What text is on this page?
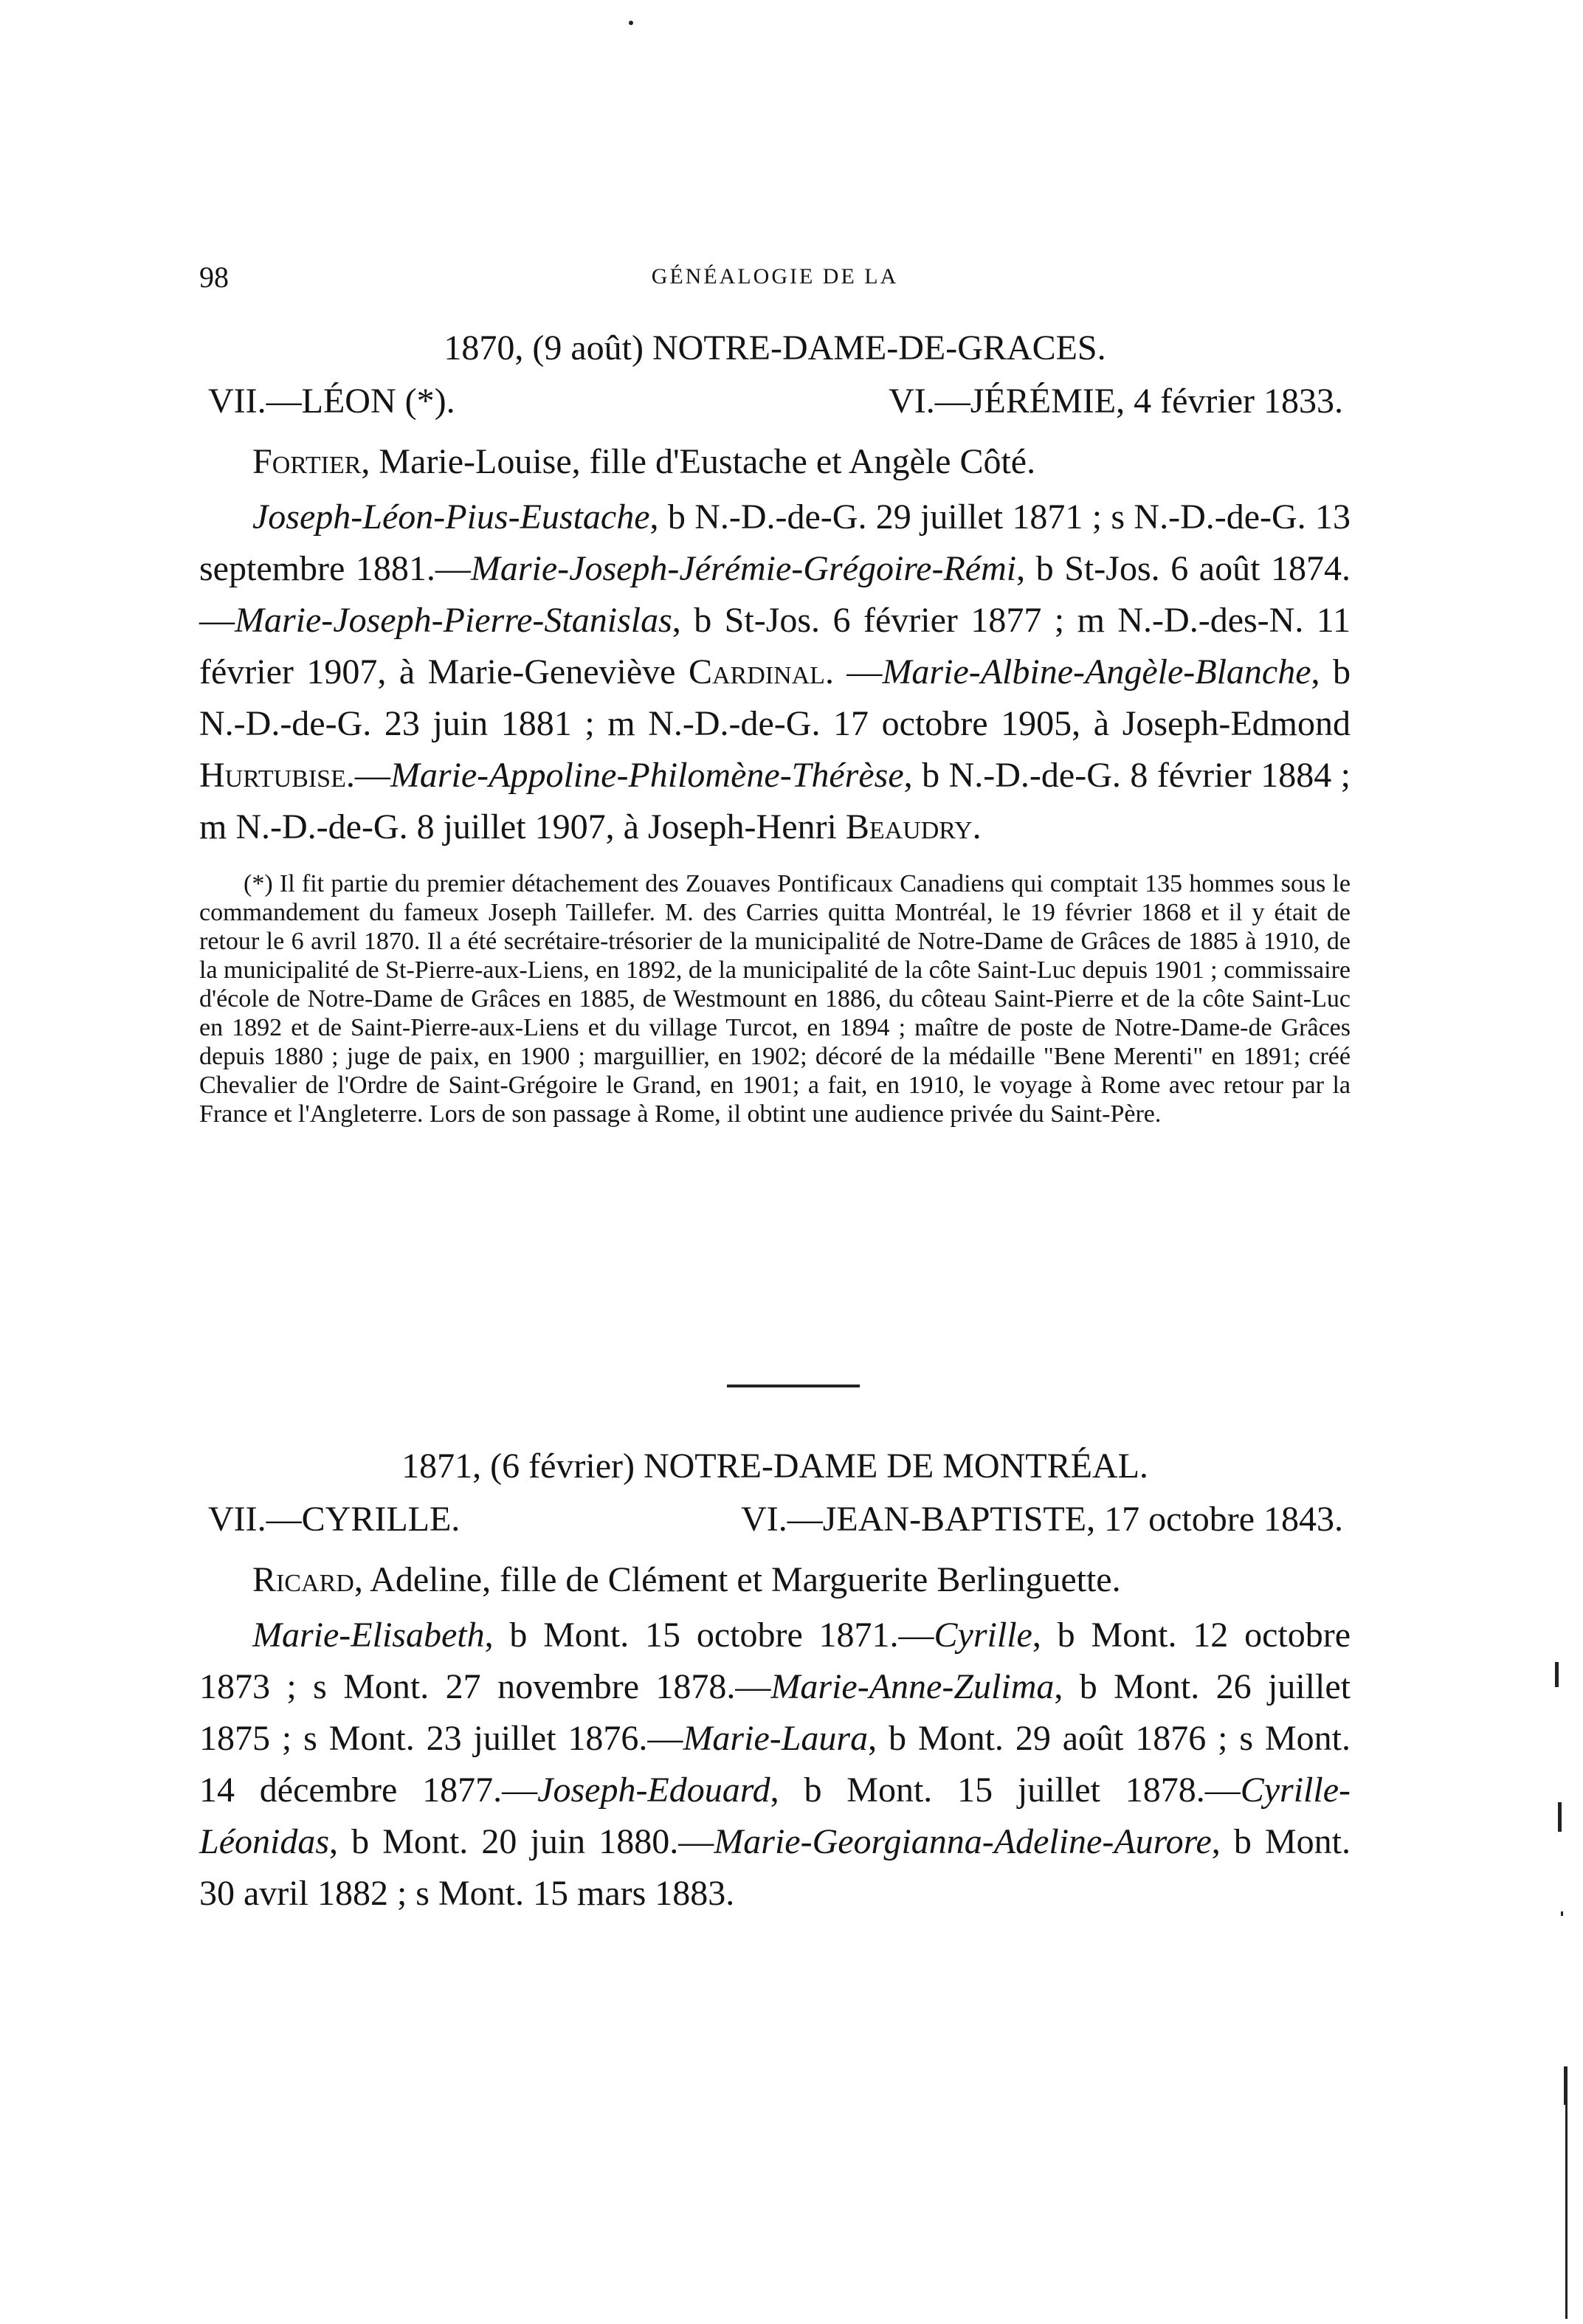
98	GÉNÉALOGIE DE LA

1870, (9 août) NOTRE-DAME-DE-GRACES.

VII.—LÉON (*).	VI.—JÉRÉMIE, 4 février 1833.

Fortier, Marie-Louise, fille d'Eustache et Angèle Côté.

Joseph-Léon-Pius-Eustache, b N.-D.-de-G. 29 juillet 1871 ; s N.-D.-de-G. 13 septembre 1881.—Marie-Joseph-Jérémie-Grégoire-Rémi, b St-Jos. 6 août 1874.—Marie-Joseph-Pierre-Stanislas, b St-Jos. 6 février 1877 ; m N.-D.-des-N. 11 février 1907, à Marie-Geneviève Cardinal. —Marie-Albine-Angèle-Blanche, b N.-D.-de-G. 23 juin 1881 ; m N.-D.-de-G. 17 octobre 1905, à Joseph-Edmond Hurtubise.—Marie-Appoline-Philomène-Thérèse, b N.-D.-de-G. 8 février 1884 ; m N.-D.-de-G. 8 juillet 1907, à Joseph-Henri Beaudry.

(*) Il fit partie du premier détachement des Zouaves Pontificaux Canadiens qui comptait 135 hommes sous le commandement du fameux Joseph Taillefer. M. des Carries quitta Montréal, le 19 février 1868 et il y était de retour le 6 avril 1870. Il a été secrétaire-trésorier de la municipalité de Notre-Dame de Grâces de 1885 à 1910, de la municipalité de St-Pierre-aux-Liens, en 1892, de la municipalité de la côte Saint-Luc depuis 1901 ; commissaire d'école de Notre-Dame de Grâces en 1885, de Westmount en 1886, du côteau Saint-Pierre et de la côte Saint-Luc en 1892 et de Saint-Pierre-aux-Liens et du village Turcot, en 1894 ; maître de poste de Notre-Dame-de Grâces depuis 1880 ; juge de paix, en 1900 ; marguillier, en 1902; décoré de la médaille "Bene Merenti" en 1891; créé Chevalier de l'Ordre de Saint-Grégoire le Grand, en 1901; a fait, en 1910, le voyage à Rome avec retour par la France et l'Angleterre. Lors de son passage à Rome, il obtint une audience privée du Saint-Père.

1871, (6 février) NOTRE-DAME DE MONTRÉAL.

VII.—CYRILLE.	VI.—JEAN-BAPTISTE, 17 octobre 1843.

Ricard, Adeline, fille de Clément et Marguerite Berlinguette.

Marie-Elisabeth, b Mont. 15 octobre 1871.—Cyrille, b Mont. 12 octobre 1873 ; s Mont. 27 novembre 1878.—Marie-Anne-Zulima, b Mont. 26 juillet 1875 ; s Mont. 23 juillet 1876.—Marie-Laura, b Mont. 29 août 1876 ; s Mont. 14 décembre 1877.—Joseph-Edouard, b Mont. 15 juillet 1878.—Cyrille-Léonidas, b Mont. 20 juin 1880.—Marie-Georgianna-Adeline-Aurore, b Mont. 30 avril 1882 ; s Mont. 15 mars 1883.
